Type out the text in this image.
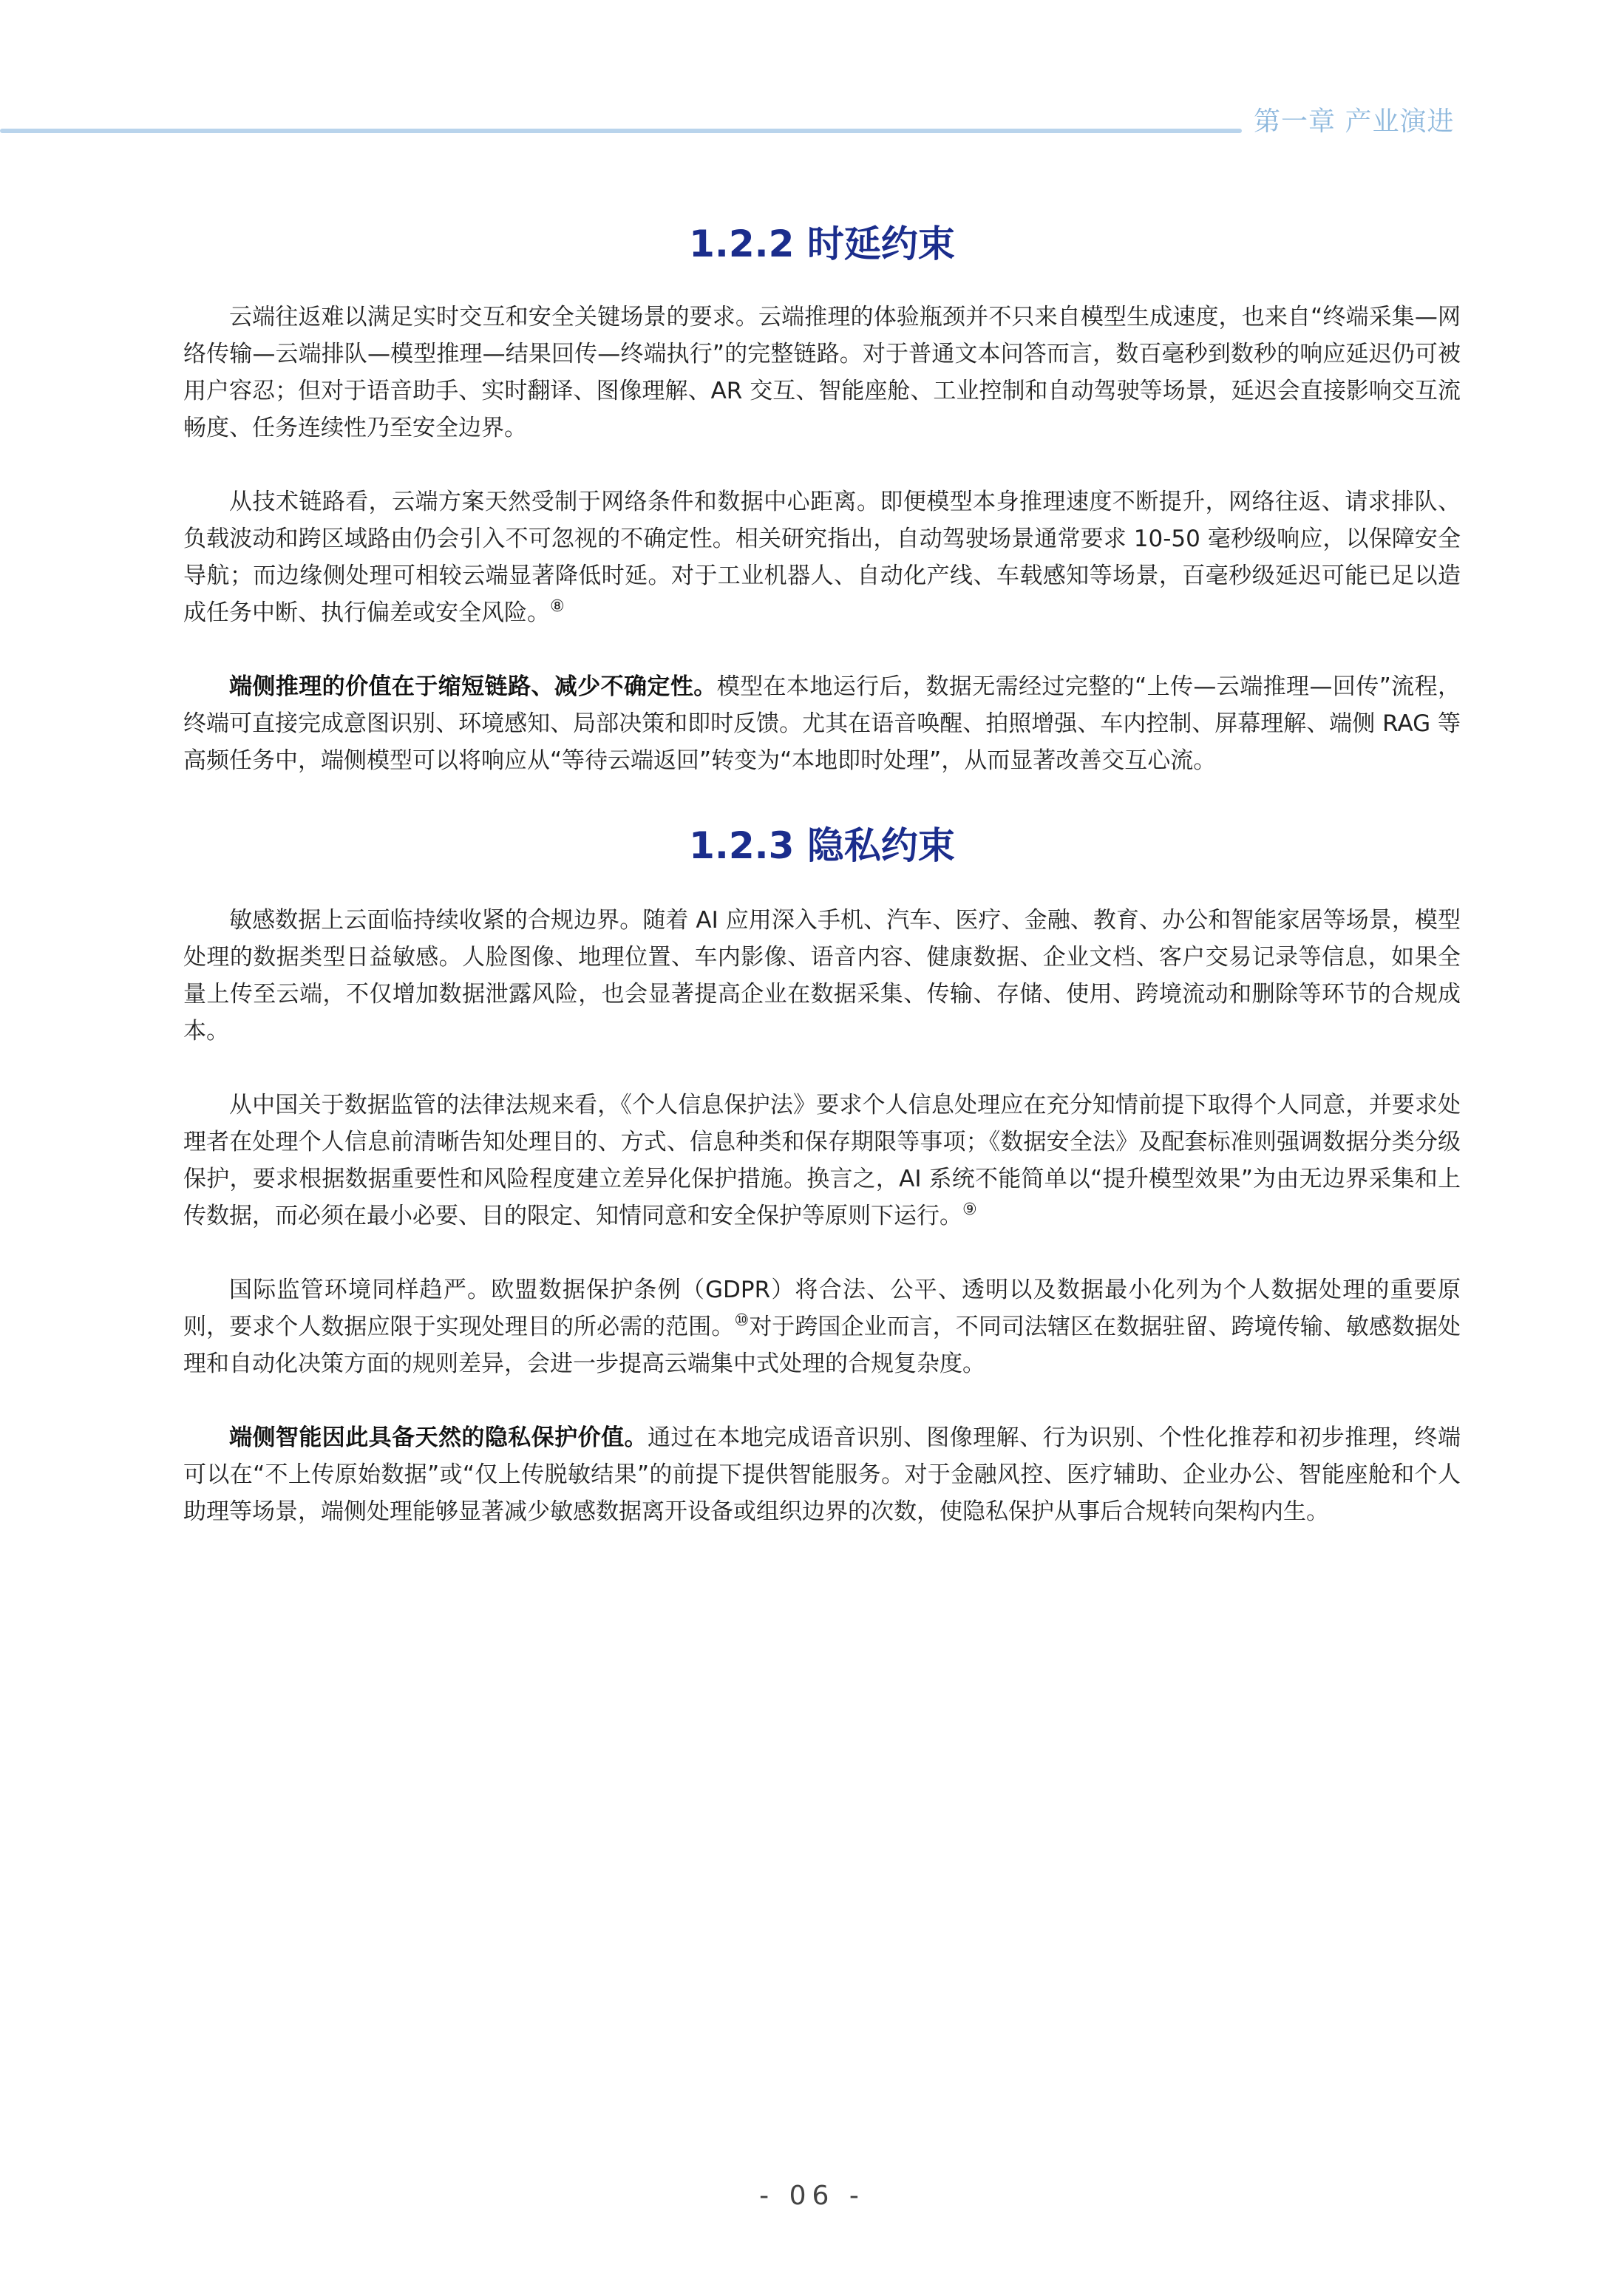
第一章 产业演进
1.2.2 时延约束

云端往返难以满足实时交互和安全关键场景的要求。云端推理的体验瓶颈并不只来自模型生成速度，也来自“终端采集—网络传输—云端排队—模型推理—结果回传—终端执行”的完整链路。对于普通文本问答而言，数百毫秒到数秒的响应延迟仍可被用户容忍；但对于语音助手、实时翻译、图像理解、AR 交互、智能座舱、工业控制和自动驾驶等场景，延迟会直接影响交互流畅度、任务连续性乃至安全边界。

从技术链路看，云端方案天然受制于网络条件和数据中心距离。即便模型本身推理速度不断提升，网络往返、请求排队、负载波动和跨区域路由仍会引入不可忽视的不确定性。相关研究指出，自动驾驶场景通常要求 10-50 毫秒级响应，以保障安全导航；而边缘侧处理可相较云端显著降低时延。对于工业机器人、自动化产线、车载感知等场景，百毫秒级延迟可能已足以造成任务中断、执行偏差或安全风险。⑧

端侧推理的价值在于缩短链路、减少不确定性。模型在本地运行后，数据无需经过完整的“上传—云端推理—回传”流程，终端可直接完成意图识别、环境感知、局部决策和即时反馈。尤其在语音唤醒、拍照增强、车内控制、屏幕理解、端侧 RAG 等高频任务中，端侧模型可以将响应从“等待云端返回”转变为“本地即时处理”，从而显著改善交互心流。

1.2.3 隐私约束

敏感数据上云面临持续收紧的合规边界。随着 AI 应用深入手机、汽车、医疗、金融、教育、办公和智能家居等场景，模型处理的数据类型日益敏感。人脸图像、地理位置、车内影像、语音内容、健康数据、企业文档、客户交易记录等信息，如果全量上传至云端，不仅增加数据泄露风险，也会显著提高企业在数据采集、传输、存储、使用、跨境流动和删除等环节的合规成本。

从中国关于数据监管的法律法规来看，《个人信息保护法》要求个人信息处理应在充分知情前提下取得个人同意，并要求处理者在处理个人信息前清晰告知处理目的、方式、信息种类和保存期限等事项；《数据安全法》及配套标准则强调数据分类分级保护，要求根据数据重要性和风险程度建立差异化保护措施。换言之，AI 系统不能简单以“提升模型效果”为由无边界采集和上传数据，而必须在最小必要、目的限定、知情同意和安全保护等原则下运行。⑨

国际监管环境同样趋严。欧盟数据保护条例（GDPR）将合法、公平、透明以及数据最小化列为个人数据处理的重要原则，要求个人数据应限于实现处理目的所必需的范围。⑩对于跨国企业而言，不同司法辖区在数据驻留、跨境传输、敏感数据处理和自动化决策方面的规则差异，会进一步提高云端集中式处理的合规复杂度。

端侧智能因此具备天然的隐私保护价值。通过在本地完成语音识别、图像理解、行为识别、个性化推荐和初步推理，终端可以在“不上传原始数据”或“仅上传脱敏结果”的前提下提供智能服务。对于金融风控、医疗辅助、企业办公、智能座舱和个人助理等场景，端侧处理能够显著减少敏感数据离开设备或组织边界的次数，使隐私保护从事后合规转向架构内生。

- 06 -
